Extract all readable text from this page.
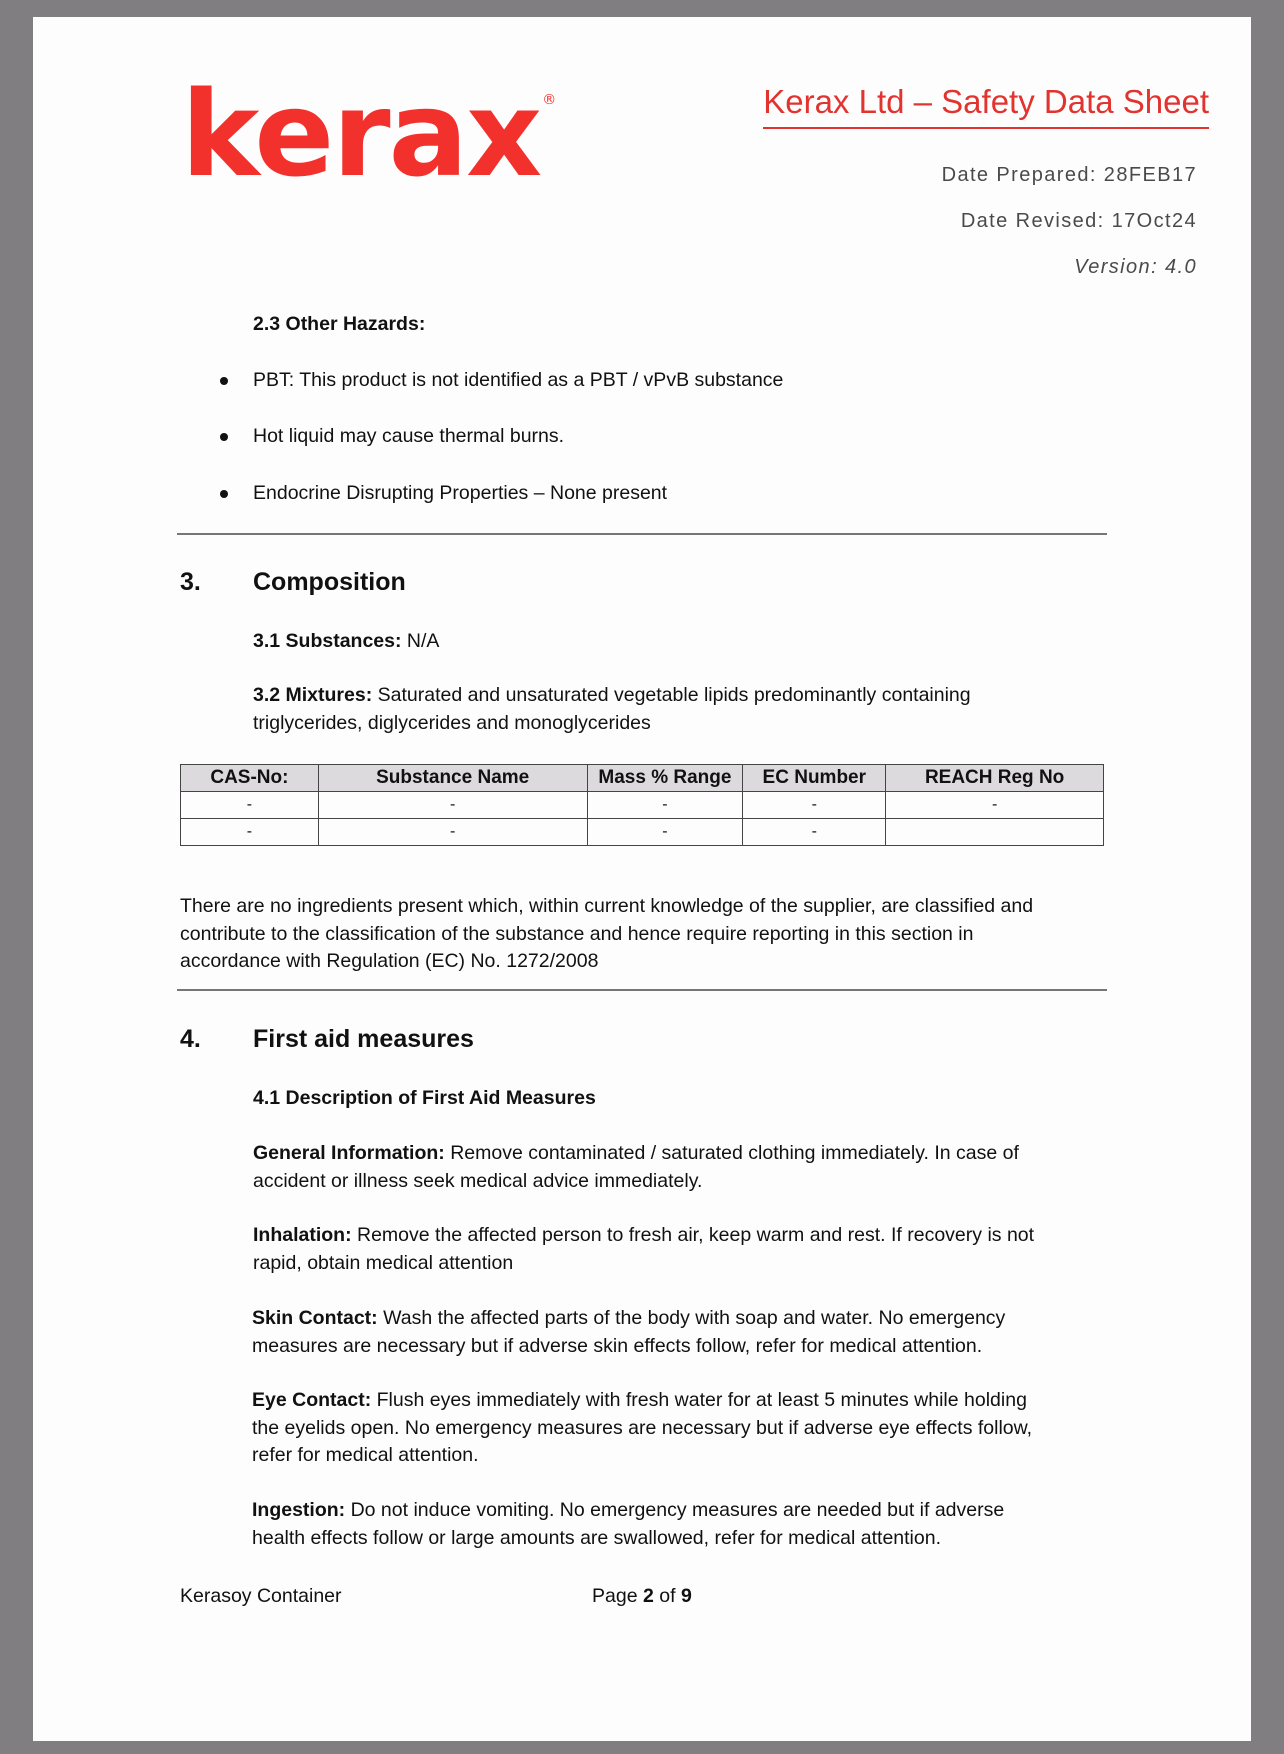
kerax ®	Kerax Ltd – Safety Data Sheet
Date Prepared: 28FEB17
Date Revised: 17Oct24
Version: 4.0
2.3 Other Hazards:
PBT: This product is not identified as a PBT / vPvB substance
Hot liquid may cause thermal burns.
Endocrine Disrupting Properties – None present
3. Composition
3.1 Substances: N/A
3.2 Mixtures: Saturated and unsaturated vegetable lipids predominantly containing
triglycerides, diglycerides and monoglycerides
CAS-No:	Substance Name	Mass % Range	EC Number	REACH Reg No
-	-	-	-	-
-	-	-	-	
There are no ingredients present which, within current knowledge of the supplier, are classified and
contribute to the classification of the substance and hence require reporting in this section in
accordance with Regulation (EC) No. 1272/2008
4. First aid measures
4.1 Description of First Aid Measures
General Information: Remove contaminated / saturated clothing immediately. In case of
accident or illness seek medical advice immediately.
Inhalation: Remove the affected person to fresh air, keep warm and rest. If recovery is not
rapid, obtain medical attention
Skin Contact: Wash the affected parts of the body with soap and water. No emergency
measures are necessary but if adverse skin effects follow, refer for medical attention.
Eye Contact: Flush eyes immediately with fresh water for at least 5 minutes while holding
the eyelids open. No emergency measures are necessary but if adverse eye effects follow,
refer for medical attention.
Ingestion: Do not induce vomiting. No emergency measures are needed but if adverse
health effects follow or large amounts are swallowed, refer for medical attention.
Kerasoy Container	Page 2 of 9
